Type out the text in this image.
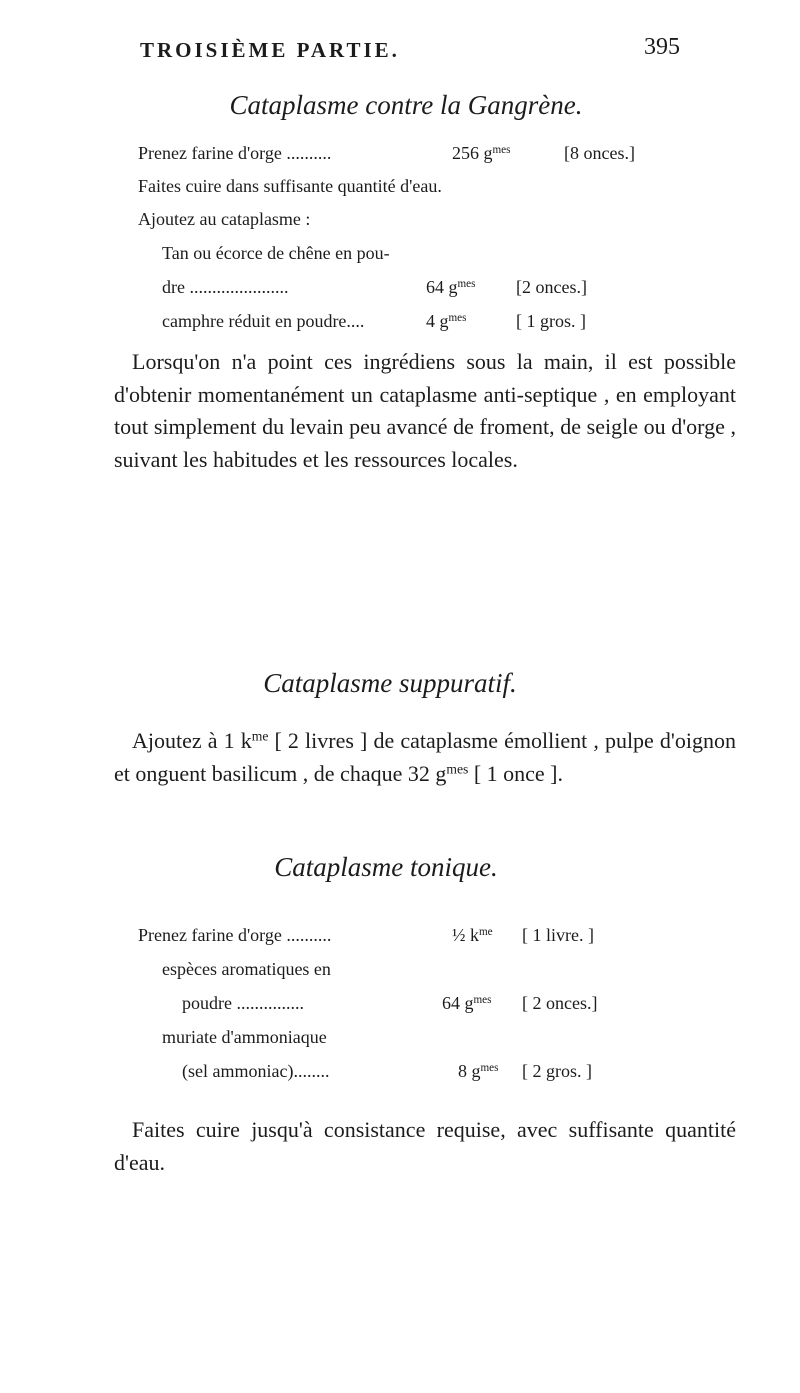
TROISIÈME PARTIE.	395
Cataplasme contre la Gangrène.
Prenez farine d'orge ..........	256 $g^{mes}$	[8 onces.]
Faites cuire dans suffisante quantité d'eau.
Ajoutez au cataplasme :
Tan ou écorce de chêne en pou-
dre ......................	64 $g^{mes}$ [2 onces.]
camphre réduit en poudre....	4 $g^{mes}$	[ 1 gros. ]
Lorsqu'on n'a point ces ingrédiens sous la main, il est possible d'obtenir momentanément un cataplasme anti-septique , en employant tout simplement du levain peu avancé de froment, de seigle ou d'orge , suivant les habitudes et les ressources locales.
Cataplasme suppuratif.
Ajoutez à 1 $k^{me}$ [ 2 livres ] de cataplasme émollient , pulpe d'oignon et onguent basilicum , de chaque 32 $g^{mes}$ [ 1 once ].
Cataplasme tonique.
Prenez farine d'orge ..........	½ $k^{me}$ [ 1 livre. ]
espèces aromatiques en
poudre ...............	64 $g^{mes}$ [ 2 onces.]
muriate d'ammoniaque
(sel ammoniac)........	8 $g^{mes}$ [ 2 gros. ]
Faites cuire jusqu'à consistance requise, avec suffisante quantité d'eau.
